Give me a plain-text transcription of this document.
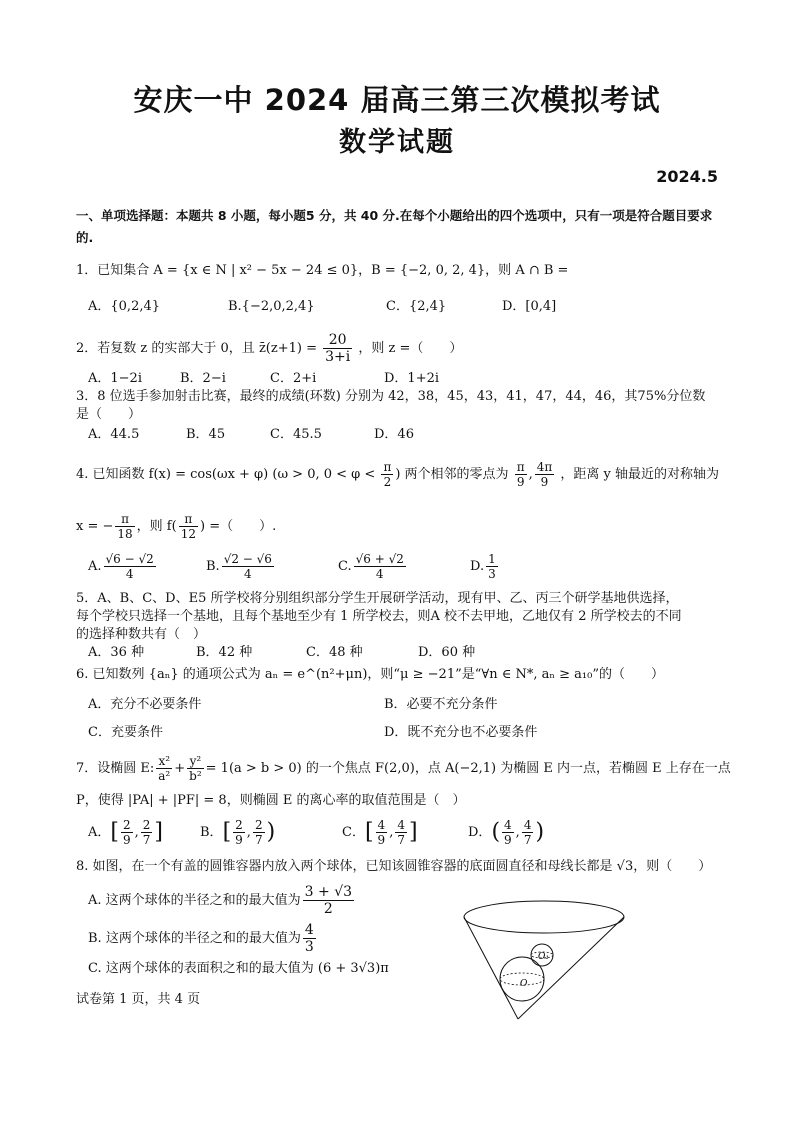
安庆一中 2024 届高三第三次模拟考试
数学试题
2024.5
一、单项选择题：本题共 8 小题，每小题5 分，共 40 分.在每个小题给出的四个选项中，只有一项是符合题目要求的.
1．已知集合 A = {x ∈ N | x² − 5x − 24 ≤ 0}，B = {−2, 0, 2, 4}，则 A ∩ B =
A．{0,2,4}	B.{−2,0,2,4}	C．{2,4}	D．[0,4]
2．若复数 z 的实部大于 0，且 z̄(z+1) = $\frac{20}{3+i}$ ，则 z =（　　）
A．1−2i	B．2−i	C．2+i	D．1+2i
3．8 位选手参加射击比赛，最终的成绩(环数) 分别为 42，38，45，43，41，47，44，46，其75%分位数
是（　　）
A．44.5	B．45	C．45.5	D．46
4. 已知函数 f(x) = cos(ωx + φ) (ω > 0, $0 < \varphi < \frac{\pi}{2}$ ) 两个相邻的零点为 $\frac{\pi}{9}$ , $\frac{4\pi}{9}$ ，距离 y 轴最近的对称轴为
x = − $\frac{\pi}{18}$ ，则 $f( \frac{\pi}{12}$ ) =（　　）.
A. $\frac{√6 - √2}{4}$	B. $\frac{√2 - √6}{4}$	C. $\frac{√6 + √2}{4}$	D. $\frac{1}{3}$
5．A、B、C、D、E5 所学校将分别组织部分学生开展研学活动，现有甲、乙、丙三个研学基地供选择，
每个学校只选择一个基地，且每个基地至少有 1 所学校去，则A 校不去甲地，乙地仅有 2 所学校去的不同
的选择种数共有（　）
A．36 种	B．42 种	C．48 种	D．60 种
6. 已知数列 {aₙ} 的通项公式为 aₙ = e^(n²+μn)，则“μ ≥ −21”是“∀n ∈ N*, aₙ ≥ a₁₀”的（　　）
A．充分不必要条件	B．必要不充分条件
C．充要条件	D．既不充分也不必要条件
7．设椭圆 E: $\frac{\text{x²}}{\text{a²}} + \frac{\text{y²}}{\text{b²}} = 1(a > b > 0)$ 的一个焦点 F(2,0)，点 A(−2,1) 为椭圆 E 内一点，若椭圆 E 上存在一点
P，使得 |PA| + |PF| = 8，则椭圆 E 的离心率的取值范围是（　）
A．[ $\frac{2}{9}$ , $\frac{2}{7}$ ]	B．[ $\frac{2}{9}$ , $\frac{2}{7}$ )	C．[ $\frac{4}{9}$ , $\frac{4}{7}$ ]	D．( $\frac{4}{9}$ , $\frac{4}{7}$ )
8. 如图，在一个有盖的圆锥容器内放入两个球体，已知该圆锥容器的底面圆直径和母线长都是 √3，则（　　）
A. 这两个球体的半径之和的最大值为 $\frac{3 + √3}{2}$
B. 这两个球体的半径之和的最大值为 $\frac{4}{3}$
C. 这两个球体的表面积之和的最大值为 (6 + 3√3)π
O₁
O
试卷第 1 页，共 4 页
